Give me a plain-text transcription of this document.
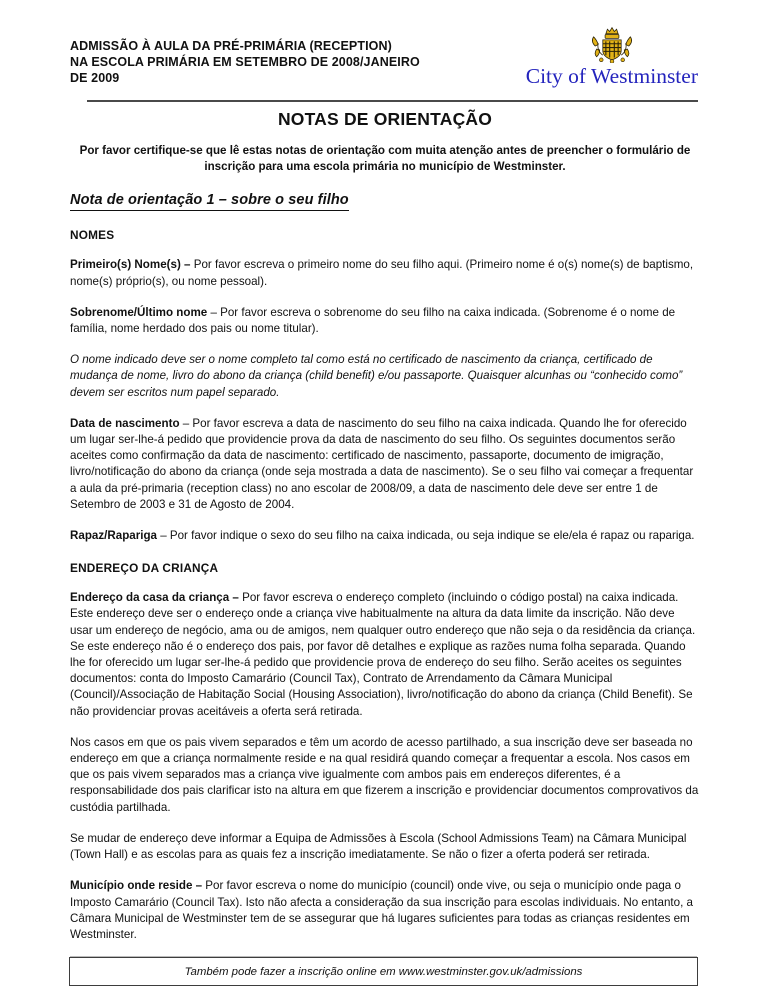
ADMISSÃO À AULA DA PRÉ-PRIMÁRIA (RECEPTION)
NA ESCOLA PRIMÁRIA EM SETEMBRO DE 2008/JANEIRO
DE 2009	City of Westminster
NOTAS DE ORIENTAÇÃO
Por favor certifique-se que lê estas notas de orientação com muita atenção antes de preencher o formulário de inscrição para uma escola primária no município de Westminster.
Nota de orientação 1 – sobre o seu filho
NOMES

Primeiro(s) Nome(s) – Por favor escreva o primeiro nome do seu filho aqui. (Primeiro nome é o(s) nome(s) de baptismo, nome(s) próprio(s), ou nome pessoal).

Sobrenome/Último nome – Por favor escreva o sobrenome do seu filho na caixa indicada. (Sobrenome é o nome de família, nome herdado dos pais ou nome titular).

O nome indicado deve ser o nome completo tal como está no certificado de nascimento da criança, certificado de mudança de nome, livro do abono da criança (child benefit) e/ou passaporte. Quaisquer alcunhas ou “conhecido como” devem ser escritos num papel separado.

Data de nascimento – Por favor escreva a data de nascimento do seu filho na caixa indicada. Quando lhe for oferecido um lugar ser-lhe-á pedido que providencie prova da data de nascimento do seu filho. Os seguintes documentos serão aceites como confirmação da data de nascimento: certificado de nascimento, passaporte, documento de imigração, livro/notificação do abono da criança (onde seja mostrada a data de nascimento). Se o seu filho vai começar a frequentar a aula da pré-primaria (reception class) no ano escolar de 2008/09, a data de nascimento dele deve ser entre 1 de Setembro de 2003 e 31 de Agosto de 2004.

Rapaz/Rapariga – Por favor indique o sexo do seu filho na caixa indicada, ou seja indique se ele/ela é rapaz ou rapariga.

ENDEREÇO DA CRIANÇA

Endereço da casa da criança – Por favor escreva o endereço completo (incluindo o código postal) na caixa indicada. Este endereço deve ser o endereço onde a criança vive habitualmente na altura da data limite da inscrição. Não deve usar um endereço de negócio, ama ou de amigos, nem qualquer outro endereço que não seja o da residência da criança. Se este endereço não é o endereço dos pais, por favor dê detalhes e explique as razões numa folha separada. Quando lhe for oferecido um lugar ser-lhe-á pedido que providencie prova de endereço do seu filho. Serão aceites os seguintes documentos: conta do Imposto Camarário (Council Tax), Contrato de Arrendamento da Câmara Municipal (Council)/Associação de Habitação Social (Housing Association), livro/notificação do abono da criança (Child Benefit). Se não providenciar provas aceitáveis a oferta será retirada.

Nos casos em que os pais vivem separados e têm um acordo de acesso partilhado, a sua inscrição deve ser baseada no endereço em que a criança normalmente reside e na qual residirá quando começar a frequentar a escola. Nos casos em que os pais vivem separados mas a criança vive igualmente com ambos pais em endereços diferentes, é a responsabilidade dos pais clarificar isto na altura em que fizerem a inscrição e providenciar documentos comprovativos da custódia partilhada.

Se mudar de endereço deve informar a Equipa de Admissões à Escola (School Admissions Team) na Câmara Municipal (Town Hall) e as escolas para as quais fez a inscrição imediatamente. Se não o fizer a oferta poderá ser retirada.

Município onde reside – Por favor escreva o nome do município (council) onde vive, ou seja o município onde paga o Imposto Camarário (Council Tax). Isto não afecta a consideração da sua inscrição para escolas individuais. No entanto, a Câmara Municipal de Westminster tem de se assegurar que há lugares suficientes para todas as crianças residentes em Westminster.

Também pode fazer a inscrição online em www.westminster.gov.uk/admissions
